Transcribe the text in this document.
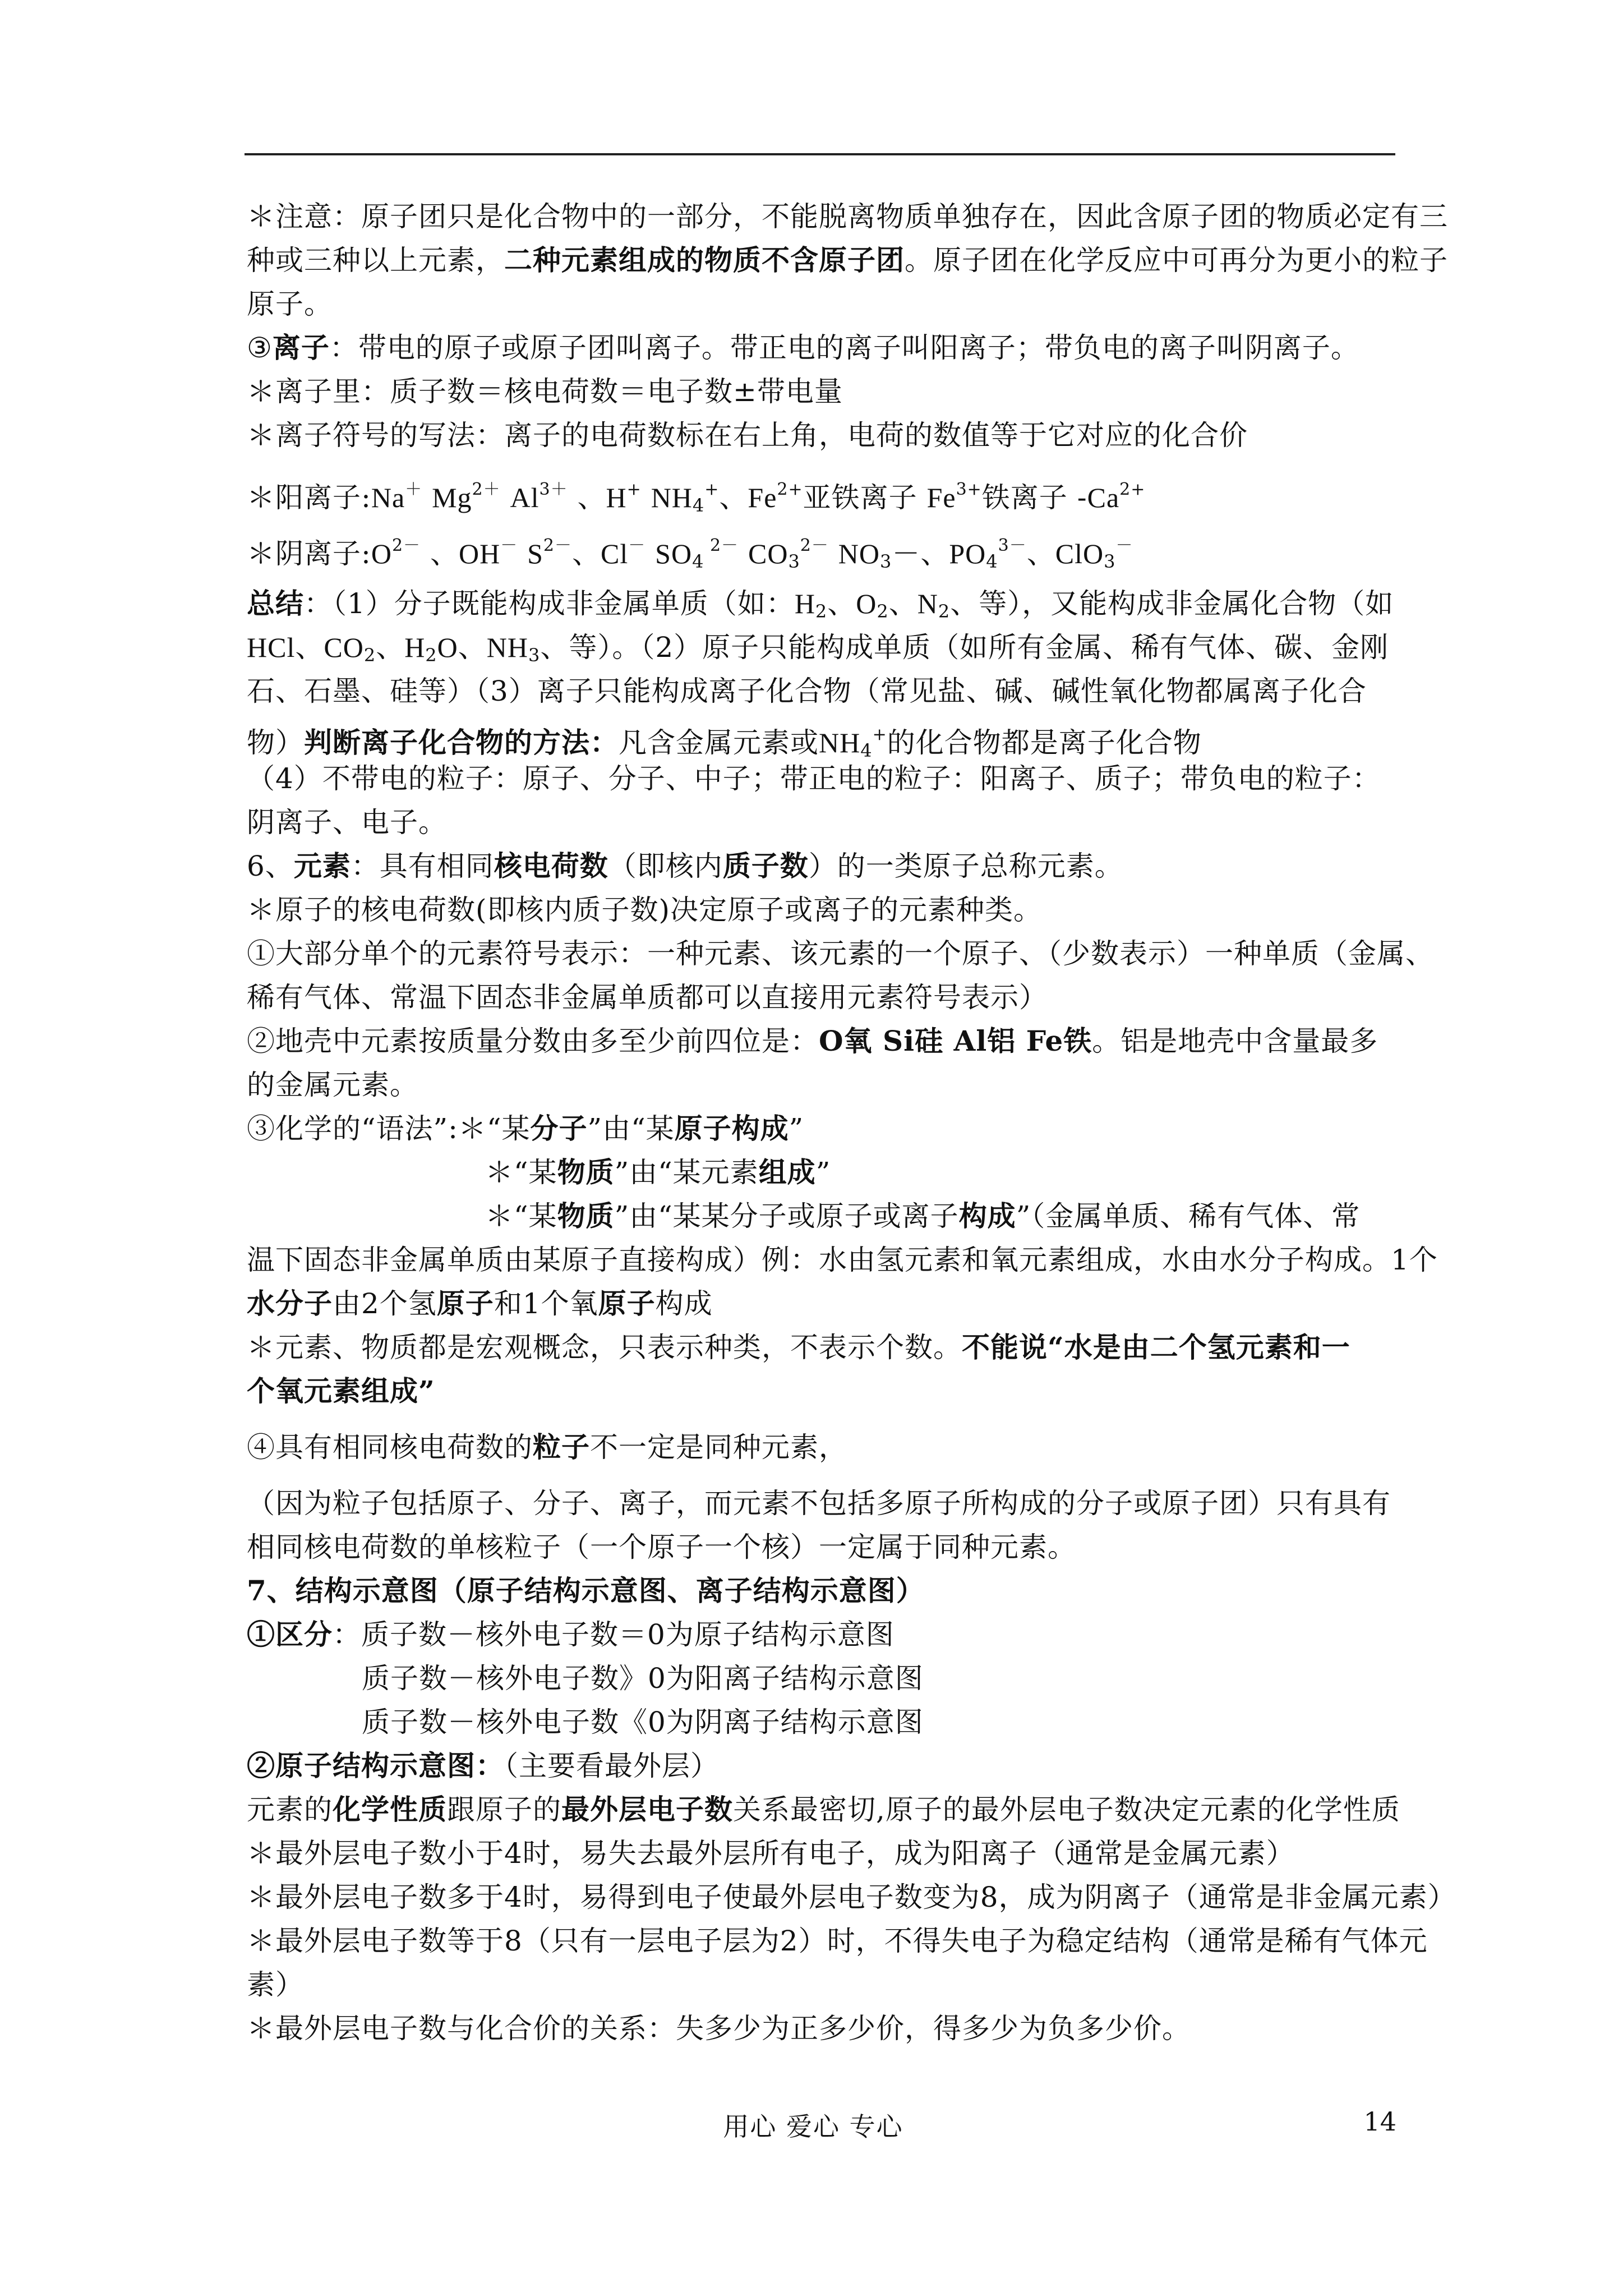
＊注意：原子团只是化合物中的一部分，不能脱离物质单独存在，因此含原子团的物质必定有三
种或三种以上元素，二种元素组成的物质不含原子团。原子团在化学反应中可再分为更小的粒子
原子。
③离子：带电的原子或原子团叫离子。带正电的离子叫阳离子；带负电的离子叫阴离子。
＊离子里：质子数＝核电荷数＝电子数±带电量
＊离子符号的写法：离子的电荷数标在右上角，电荷的数值等于它对应的化合价
＊阳离子:Na＋ $Mg^{2+}$ $Al^{3+}$ 、H+ $NH_4^+$、$Fe^{2+}$亚铁离子 $Fe^{3+}$铁离子 $-Ca^{2+}$
＊阴离子$:O^{2-}$ 、OH－ $S^{2-}$、Cl－ $SO_4$ $^{2-}$ $CO_3^{2-}$ $NO_3-$、$PO_4^{3-}$、ClO$_3$－
总结：（1）分子既能构成非金属单质（如：$H_2$、$O_2$、$N_2$、等），又能构成非金属化合物（如
HCl、$CO_2$、$H_2O$、$NH_3$、等）。（2）原子只能构成单质（如所有金属、稀有气体、碳、金刚
石、石墨、硅等）（3）离子只能构成离子化合物（常见盐、碱、碱性氧化物都属离子化合
物）判断离子化合物的方法：凡含金属元素或$NH_4^+$的化合物都是离子化合物
（4）不带电的粒子：原子、分子、中子；带正电的粒子：阳离子、质子；带负电的粒子：
阴离子、电子。
6、元素：具有相同核电荷数（即核内质子数）的一类原子总称元素。
＊原子的核电荷数(即核内质子数)决定原子或离子的元素种类。
①大部分单个的元素符号表示：一种元素、该元素的一个原子、（少数表示）一种单质（金属、
稀有气体、常温下固态非金属单质都可以直接用元素符号表示）
②地壳中元素按质量分数由多至少前四位是：O氧 Si硅 Al铝 Fe铁。铝是地壳中含量最多
的金属元素。
③化学的“语法”:＊“某分子”由“某原子构成”
＊“某物质”由“某元素组成”
＊“某物质”由“某某分子或原子或离子构成”（金属单质、稀有气体、常
温下固态非金属单质由某原子直接构成）例：水由氢元素和氧元素组成，水由水分子构成。1个
水分子由2个氢原子和1个氧原子构成
＊元素、物质都是宏观概念，只表示种类，不表示个数。不能说“水是由二个氢元素和一
个氧元素组成”
④具有相同核电荷数的粒子不一定是同种元素，
（因为粒子包括原子、分子、离子，而元素不包括多原子所构成的分子或原子团）只有具有
相同核电荷数的单核粒子（一个原子一个核）一定属于同种元素。
7、结构示意图（原子结构示意图、离子结构示意图）
①区分：质子数－核外电子数＝0为原子结构示意图
质子数－核外电子数》0为阳离子结构示意图
质子数－核外电子数《0为阴离子结构示意图
②原子结构示意图：（主要看最外层）
元素的化学性质跟原子的最外层电子数关系最密切,原子的最外层电子数决定元素的化学性质
＊最外层电子数小于4时，易失去最外层所有电子，成为阳离子（通常是金属元素）
＊最外层电子数多于4时，易得到电子使最外层电子数变为8，成为阴离子（通常是非金属元素）
＊最外层电子数等于8（只有一层电子层为2）时，不得失电子为稳定结构（通常是稀有气体元
素）
＊最外层电子数与化合价的关系：失多少为正多少价，得多少为负多少价。
用心 爱心 专心	14
